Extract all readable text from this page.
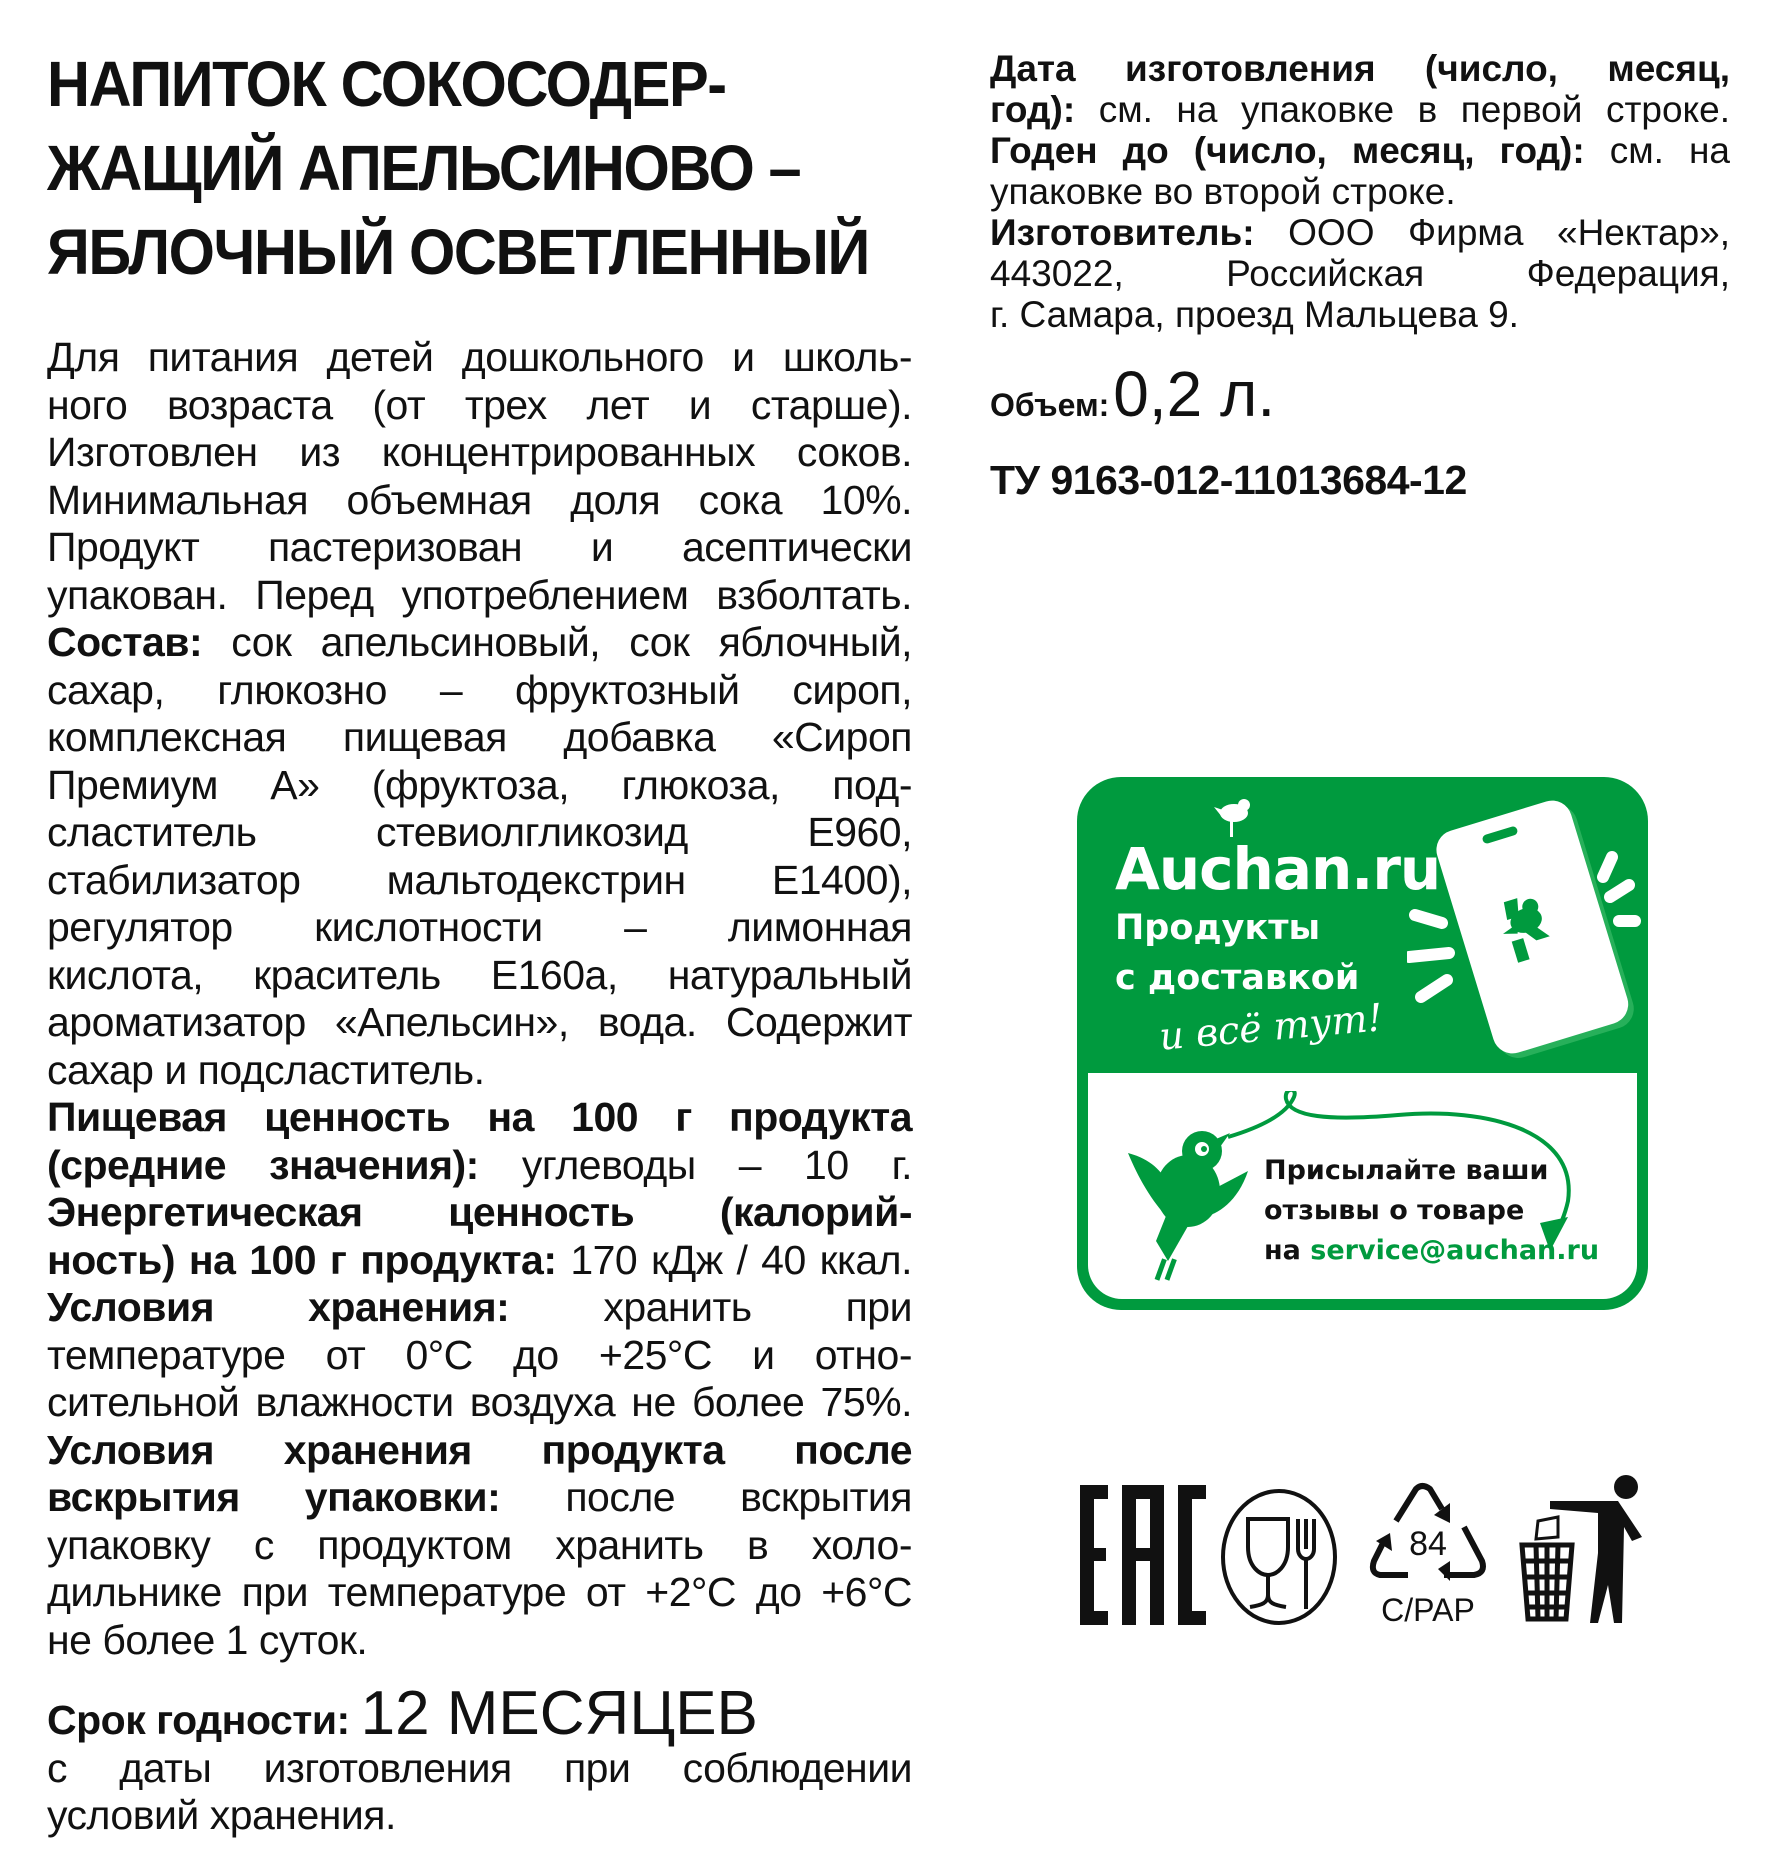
НАПИТОК СОКОСОДЕР-
ЖАЩИЙ АПЕЛЬСИНОВО –
ЯБЛОЧНЫЙ ОСВЕТЛЕННЫЙ
Для питания детей дошкольного и школь-
ного возраста (от трех лет и старше).
Изготовлен из концентрированных соков.
Минимальная объемная доля сока 10%.
Продукт пастеризован и асептически
упакован. Перед употреблением взболтать.
Состав: сок апельсиновый, сок яблочный,
сахар, глюкозно – фруктозный сироп,
комплексная пищевая добавка «Сироп
Премиум А» (фруктоза, глюкоза, под-
сластитель стевиолгликозид Е960,
стабилизатор мальтодекстрин Е1400),
регулятор кислотности – лимонная
кислота, краситель Е160а, натуральный
ароматизатор «Апельсин», вода. Содержит
сахар и подсластитель.
Пищевая ценность на 100 г продукта
(средние значения): углеводы – 10 г.
Энергетическая ценность (калорий-
ность) на 100 г продукта: 170 кДж / 40 ккал.
Условия хранения: хранить при
температуре от 0°С до +25°С и отно-
сительной влажности воздуха не более 75%.
Условия хранения продукта после
вскрытия упаковки: после вскрытия
упаковку с продуктом хранить в холо-
дильнике при температуре от +2°С до +6°С
не более 1 суток.
Срок годности: 12 МЕСЯЦЕВ
с даты изготовления при соблюдении
условий хранения.
Дата изготовления (число, месяц,
год): см. на упаковке в первой строке.
Годен до (число, месяц, год): см. на
упаковке во второй строке.
Изготовитель: ООО Фирма «Нектар»,
443022, Российская Федерация,
г. Самара, проезд Мальцева 9.
Объем:0,2 л.
ТУ 9163-012-11013684-12
Auchan.ru
Продукты
с доставкой
и всё тут!
Присылайте ваши
отзывы о товаре
на service@auchan.ru
84
C/PAP
